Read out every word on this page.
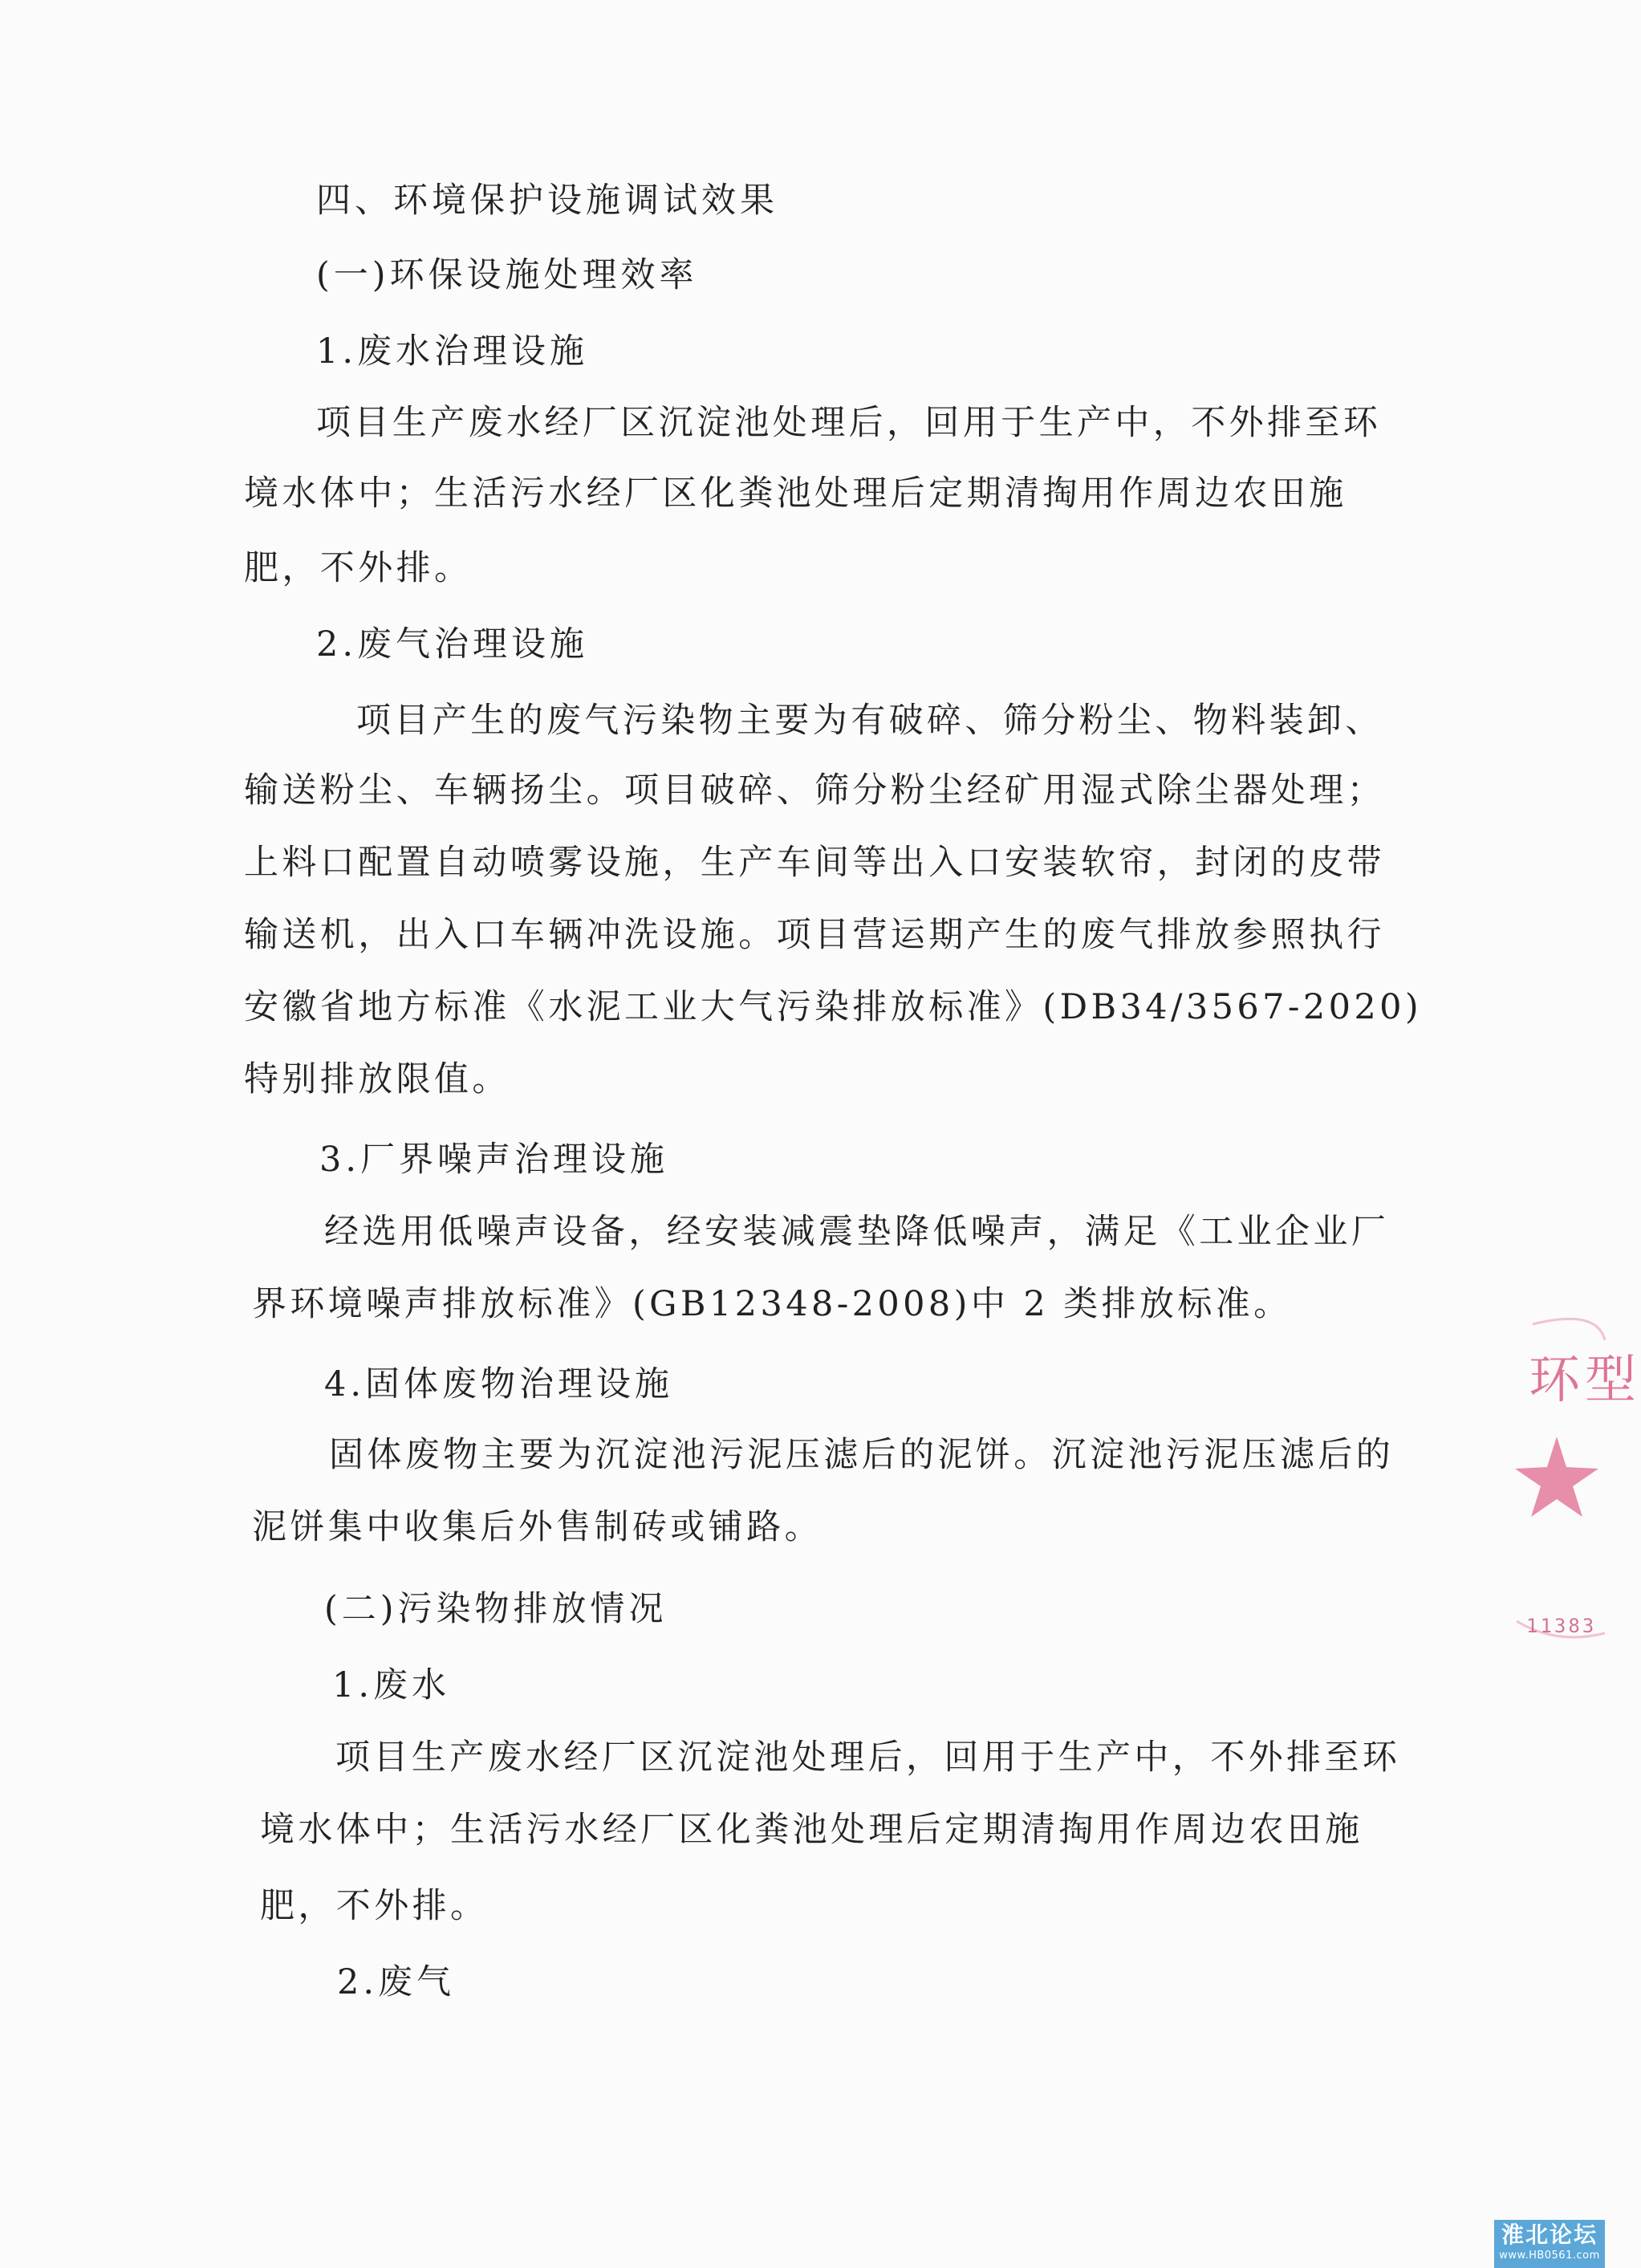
四、环境保护设施调试效果
(一)环保设施处理效率
1.废水治理设施
项目生产废水经厂区沉淀池处理后，回用于生产中，不外排至环
境水体中；生活污水经厂区化粪池处理后定期清掏用作周边农田施
肥，不外排。
2.废气治理设施
项目产生的废气污染物主要为有破碎、筛分粉尘、物料装卸、
输送粉尘、车辆扬尘。项目破碎、筛分粉尘经矿用湿式除尘器处理；
上料口配置自动喷雾设施，生产车间等出入口安装软帘，封闭的皮带
输送机，出入口车辆冲洗设施。项目营运期产生的废气排放参照执行
安徽省地方标准《水泥工业大气污染排放标准》(DB34/3567-2020)
特别排放限值。
3.厂界噪声治理设施
经选用低噪声设备，经安装减震垫降低噪声，满足《工业企业厂
界环境噪声排放标准》(GB12348-2008)中 2 类排放标准。
4.固体废物治理设施
固体废物主要为沉淀池污泥压滤后的泥饼。沉淀池污泥压滤后的
泥饼集中收集后外售制砖或铺路。
(二)污染物排放情况
1.废水
项目生产废水经厂区沉淀池处理后，回用于生产中，不外排至环
境水体中；生活污水经厂区化粪池处理后定期清掏用作周边农田施
肥，不外排。
2.废气
环型
11383
淮北论坛
www.HB0561.com
